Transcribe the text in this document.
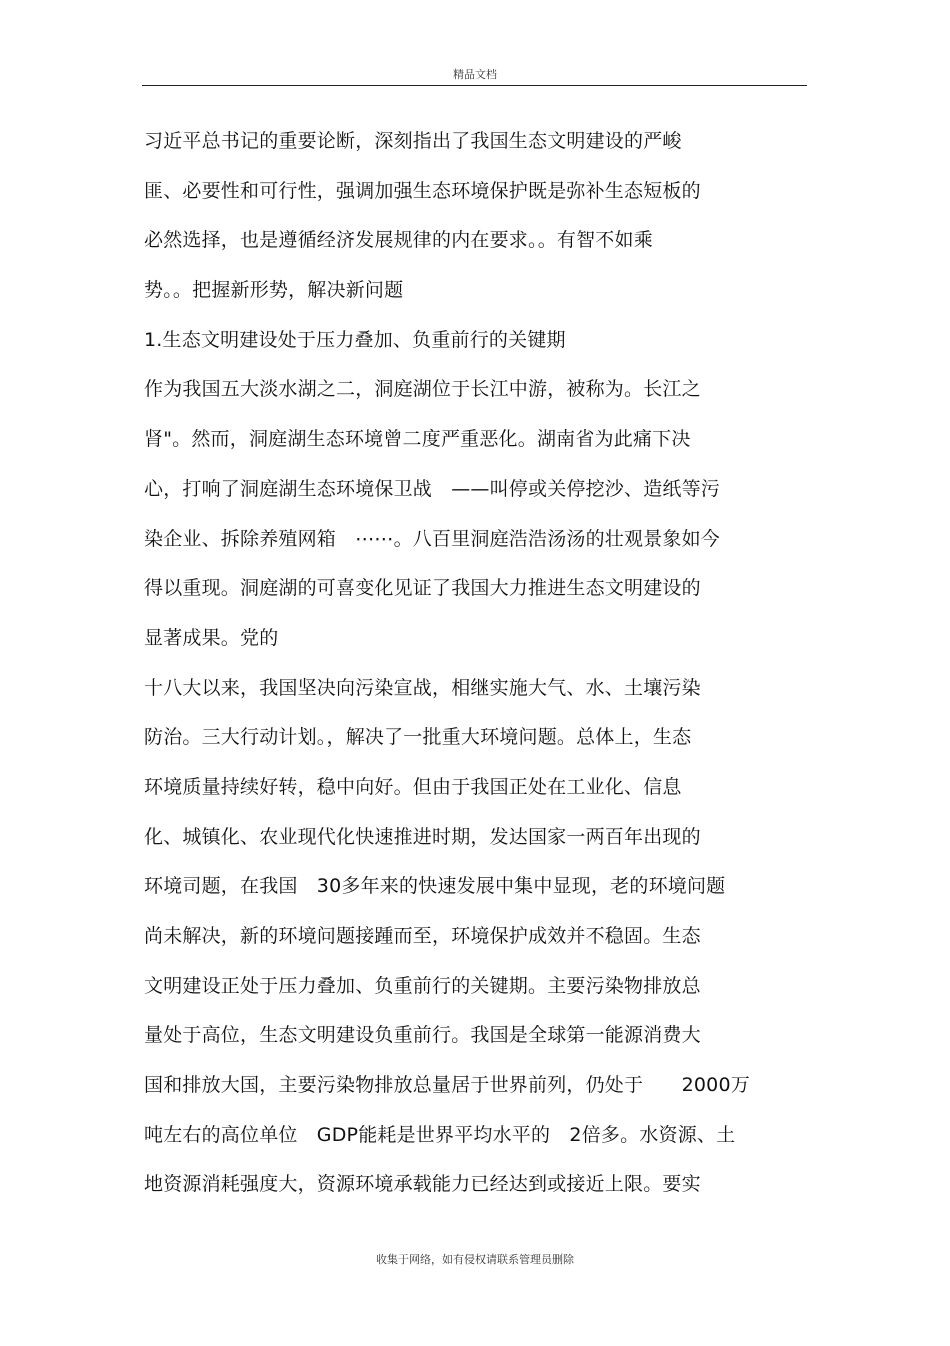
精品文档
习近平总书记的重要论断，深刻指出了我国生态文明建设的严峻
匪、必要性和可行性，强调加强生态环境保护既是弥补生态短板的
必然选择，也是遵循经济发展规律的内在要求。。有智不如乘
势。。把握新形势，解决新问题
1.生态文明建设处于压力叠加、负重前行的关键期
作为我国五大淡水湖之二，洞庭湖位于长江中游，被称为。长江之
肾"。然而，洞庭湖生态环境曾二度严重恶化。湖南省为此痛下决
心，打响了洞庭湖生态环境保卫战　——叫停或关停挖沙、造纸等污
染企业、拆除养殖网箱　⋯⋯。八百里洞庭浩浩汤汤的壮观景象如今
得以重现。洞庭湖的可喜变化见证了我国大力推进生态文明建设的
显著成果。党的
十八大以来，我国坚决向污染宣战，相继实施大气、水、土壤污染
防治。三大行动计划。，解决了一批重大环境问题。总体上，生态
环境质量持续好转，稳中向好。但由于我国正处在工业化、信息
化、城镇化、农业现代化快速推进时期，发达国家一两百年出现的
环境司题，在我国　30多年来的快速发展中集中显现，老的环境问题
尚未解决，新的环境问题接踵而至，环境保护成效并不稳固。生态
文明建设正处于压力叠加、负重前行的关键期。主要污染物排放总
量处于高位，生态文明建设负重前行。我国是全球第一能源消费大
国和排放大国，主要污染物排放总量居于世界前列，仍处于　　2000万
吨左右的高位单位　GDP能耗是世界平均水平的　2倍多。水资源、土
地资源消耗强度大，资源环境承载能力已经达到或接近上限。要实
收集于网络，如有侵权请联系管理员删除
